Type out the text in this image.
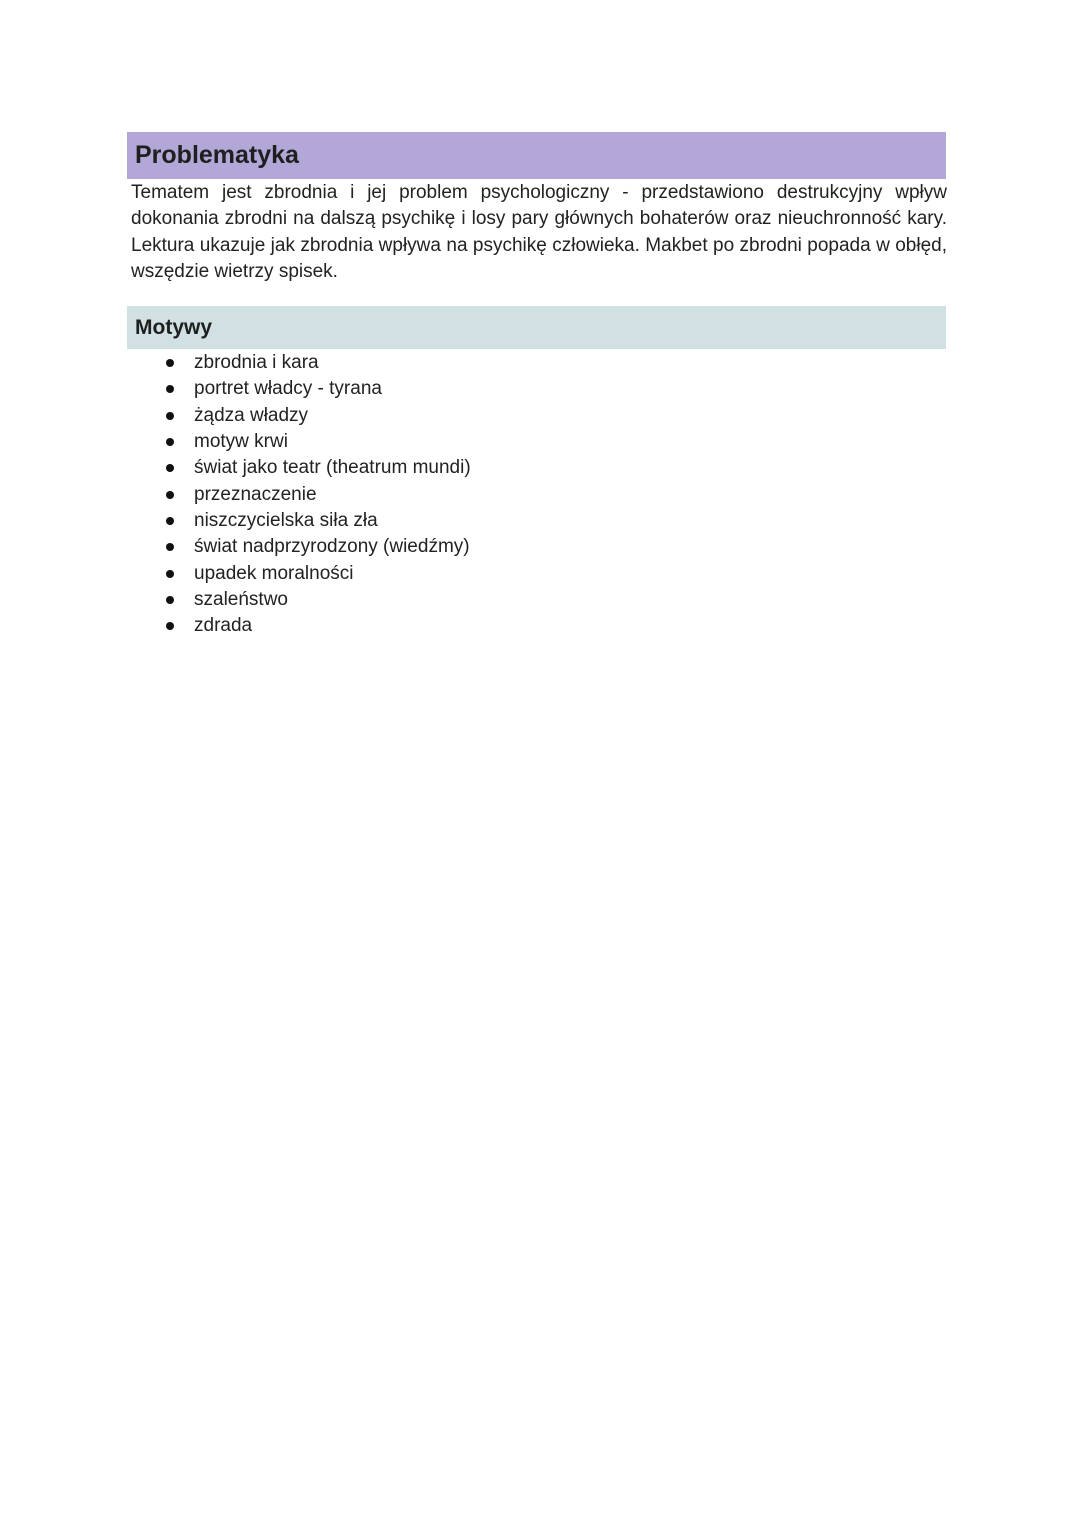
Problematyka

Tematem jest zbrodnia i jej problem psychologiczny - przedstawiono destrukcyjny wpływ dokonania zbrodni na dalszą psychikę i losy pary głównych bohaterów oraz nieuchronność kary. Lektura ukazuje jak zbrodnia wpływa na psychikę człowieka. Makbet po zbrodni popada w obłęd, wszędzie wietrzy spisek.

Motywy
zbrodnia i kara
portret władcy - tyrana
żądza władzy
motyw krwi
świat jako teatr (theatrum mundi)
przeznaczenie
niszczycielska siła zła
świat nadprzyrodzony (wiedźmy)
upadek moralności
szaleństwo
zdrada
